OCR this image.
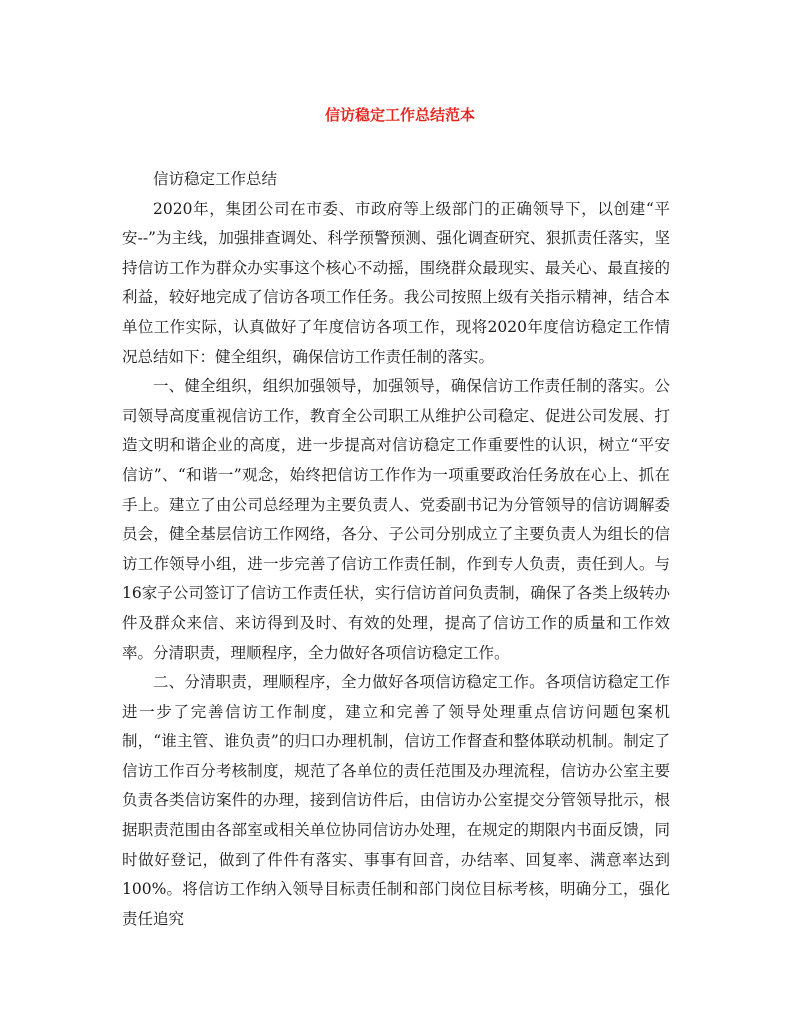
信访稳定工作总结范本

信访稳定工作总结

2020年，集团公司在市委、市政府等上级部门的正确领导下，以创建“平安--”为主线，加强排查调处、科学预警预测、强化调查研究、狠抓责任落实，坚持信访工作为群众办实事这个核心不动摇，围绕群众最现实、最关心、最直接的利益，较好地完成了信访各项工作任务。我公司按照上级有关指示精神，结合本单位工作实际，认真做好了年度信访各项工作，现将2020年度信访稳定工作情况总结如下：健全组织，确保信访工作责任制的落实。

一、健全组织，组织加强领导，加强领导，确保信访工作责任制的落实。公司领导高度重视信访工作，教育全公司职工从维护公司稳定、促进公司发展、打造文明和谐企业的高度，进一步提高对信访稳定工作重要性的认识，树立“平安信访”、“和谐一”观念，始终把信访工作作为一项重要政治任务放在心上、抓在手上。建立了由公司总经理为主要负责人、党委副书记为分管领导的信访调解委员会，健全基层信访工作网络，各分、子公司分别成立了主要负责人为组长的信访工作领导小组，进一步完善了信访工作责任制，作到专人负责，责任到人。与16家子公司签订了信访工作责任状，实行信访首问负责制，确保了各类上级转办件及群众来信、来访得到及时、有效的处理，提高了信访工作的质量和工作效率。分清职责，理顺程序，全力做好各项信访稳定工作。

二、分清职责，理顺程序，全力做好各项信访稳定工作。各项信访稳定工作进一步了完善信访工作制度，建立和完善了领导处理重点信访问题包案机制，“谁主管、谁负责”的归口办理机制，信访工作督查和整体联动机制。制定了信访工作百分考核制度，规范了各单位的责任范围及办理流程，信访办公室主要负责各类信访案件的办理，接到信访件后，由信访办公室提交分管领导批示，根据职责范围由各部室或相关单位协同信访办处理，在规定的期限内书面反馈，同时做好登记，做到了件件有落实、事事有回音，办结率、回复率、满意率达到100%。将信访工作纳入领导目标责任制和部门岗位目标考核，明确分工，强化责任追究
